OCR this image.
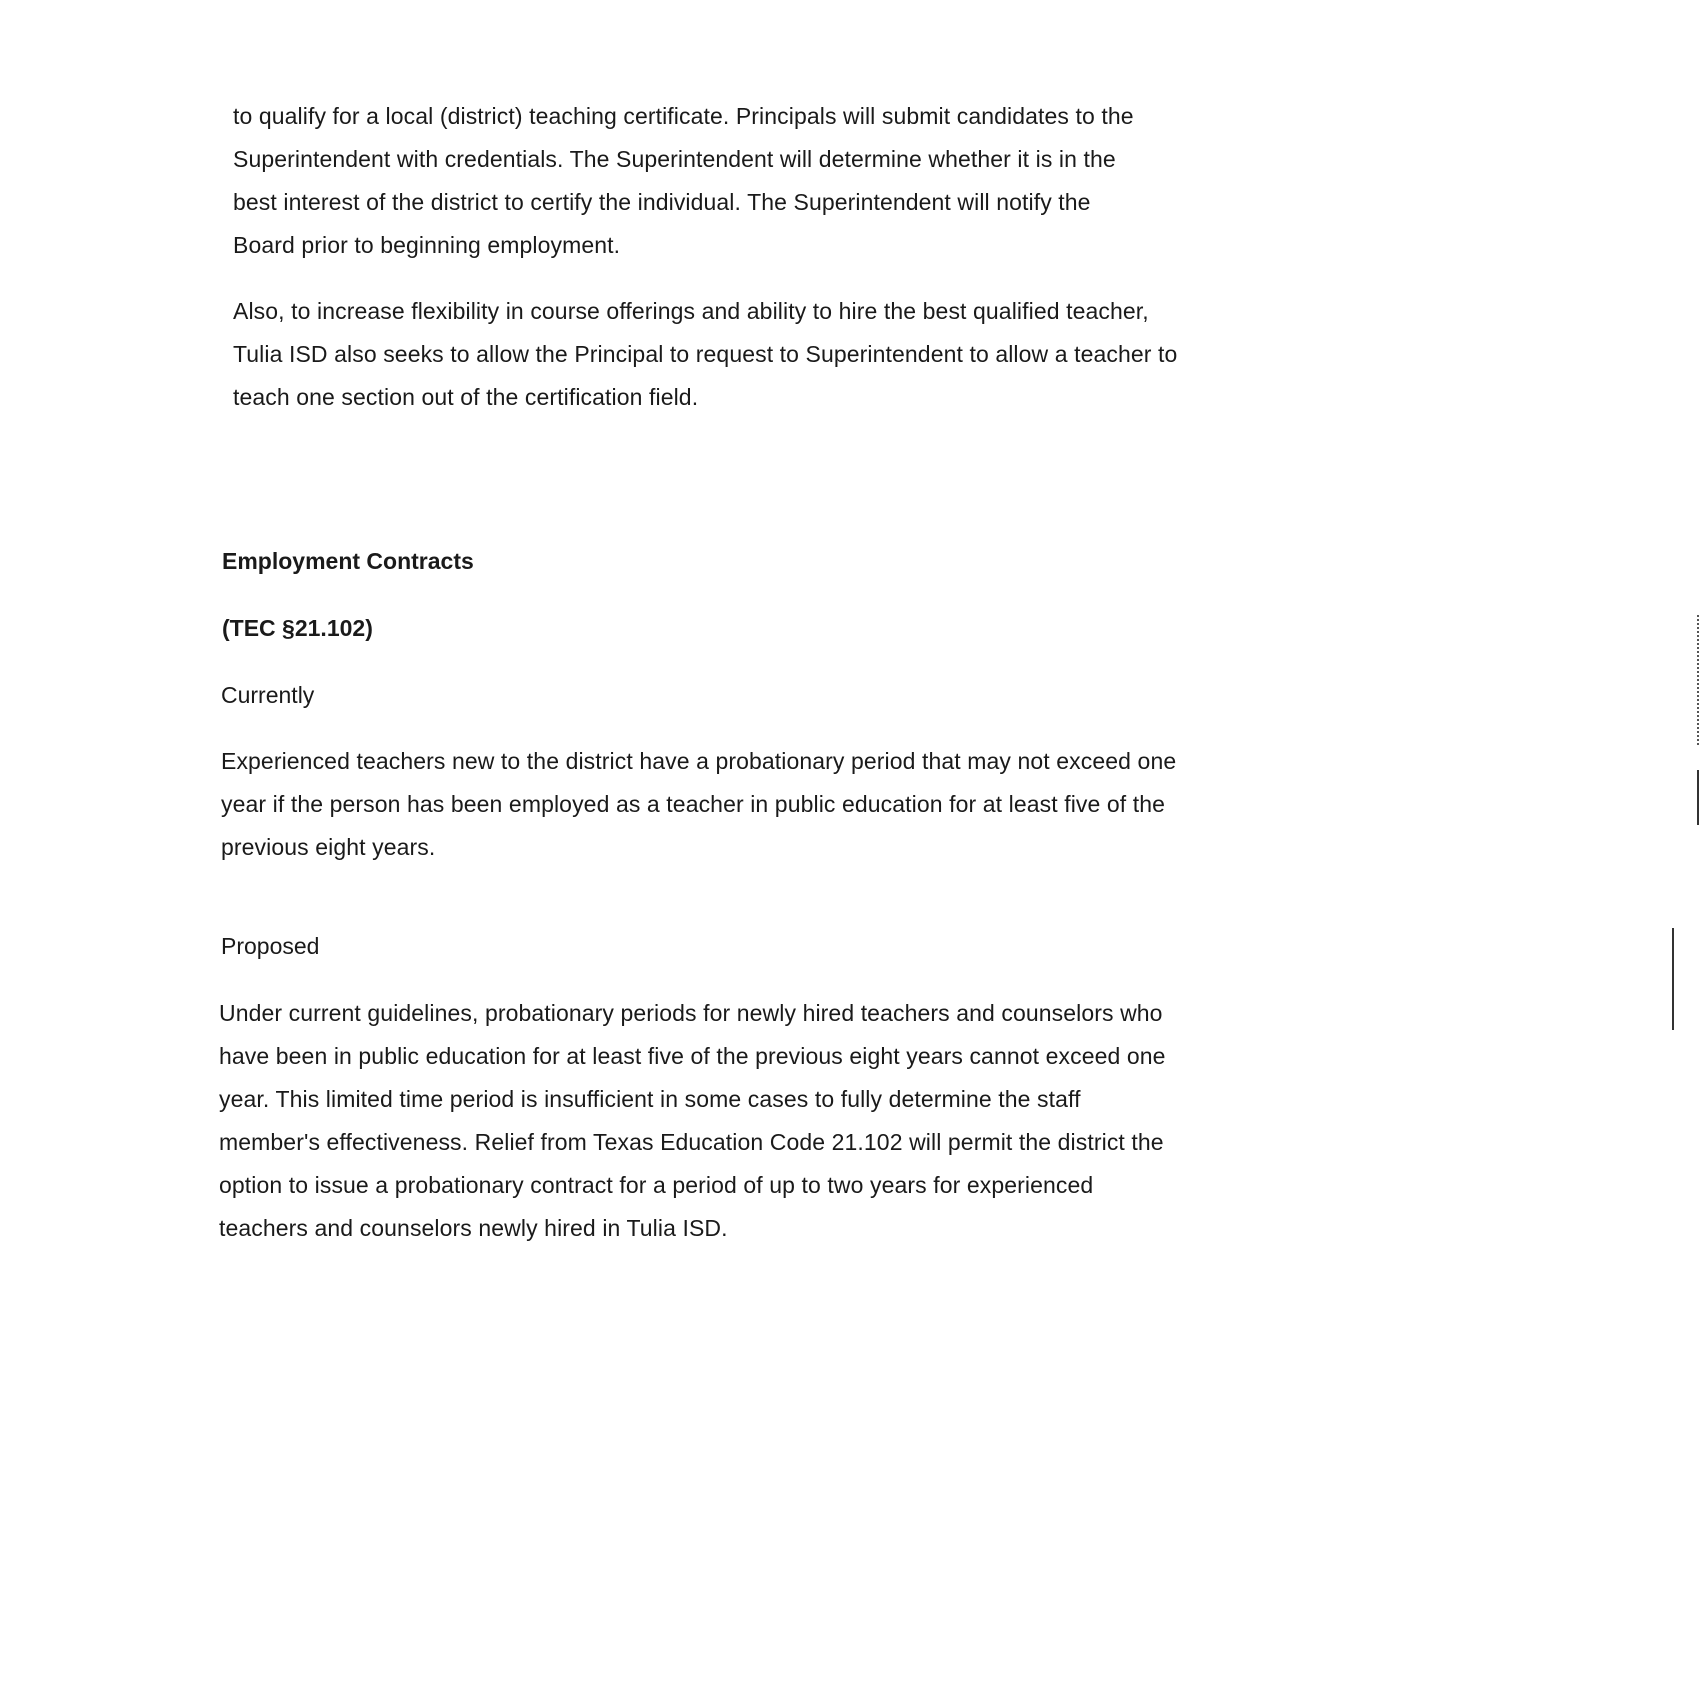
to qualify for a local (district) teaching certificate. Principals will submit candidates to the
Superintendent with credentials. The Superintendent will determine whether it is in the
best interest of the district to certify the individual. The Superintendent will notify the
Board prior to beginning employment.

Also, to increase flexibility in course offerings and ability to hire the best qualified teacher,
Tulia ISD also seeks to allow the Principal to request to Superintendent to allow a teacher to
teach one section out of the certification field.

Employment Contracts

(TEC §21.102)

Currently

Experienced teachers new to the district have a probationary period that may not exceed one
year if the person has been employed as a teacher in public education for at least five of the
previous eight years.

Proposed

Under current guidelines, probationary periods for newly hired teachers and counselors who
have been in public education for at least five of the previous eight years cannot exceed one
year. This limited time period is insufficient in some cases to fully determine the staff
member's effectiveness. Relief from Texas Education Code 21.102 will permit the district the
option to issue a probationary contract for a period of up to two years for experienced
teachers and counselors newly hired in Tulia ISD.
